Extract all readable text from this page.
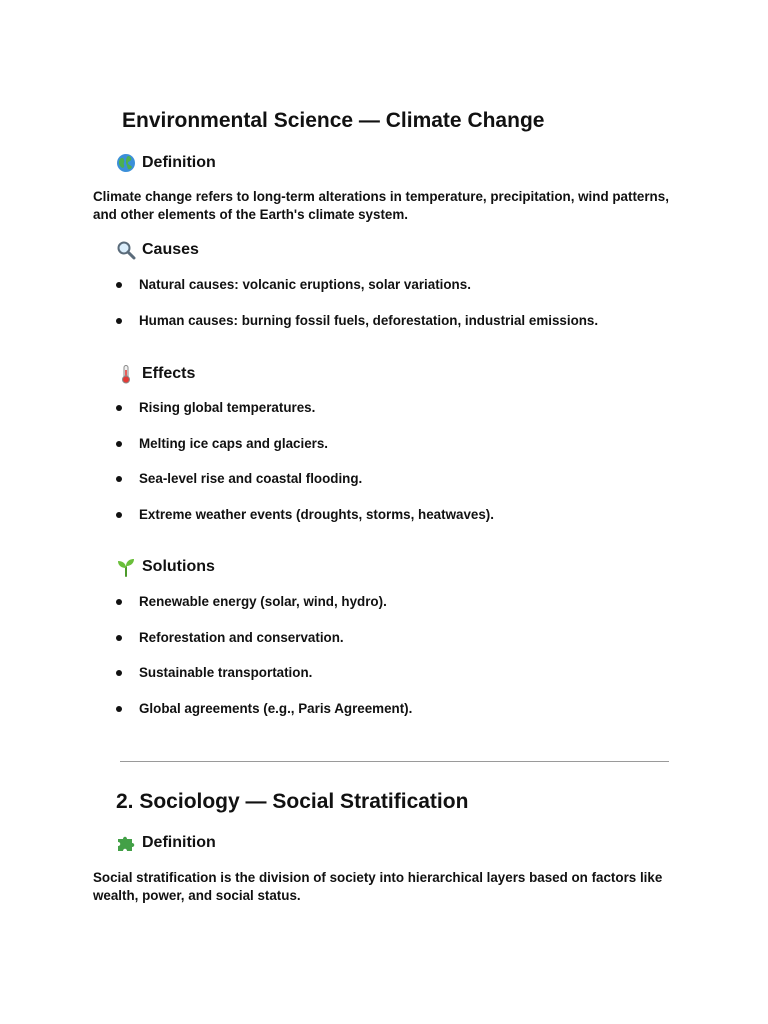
Environmental Science — Climate Change
Definition

Climate change refers to long-term alterations in temperature, precipitation, wind patterns, and other elements of the Earth's climate system.

Causes
Natural causes: volcanic eruptions, solar variations.
Human causes: burning fossil fuels, deforestation, industrial emissions.
Effects
Rising global temperatures.
Melting ice caps and glaciers.
Sea-level rise and coastal flooding.
Extreme weather events (droughts, storms, heatwaves).
Solutions
Renewable energy (solar, wind, hydro).
Reforestation and conservation.
Sustainable transportation.
Global agreements (e.g., Paris Agreement).
2. Sociology — Social Stratification
Definition

Social stratification is the division of society into hierarchical layers based on factors like wealth, power, and social status.
